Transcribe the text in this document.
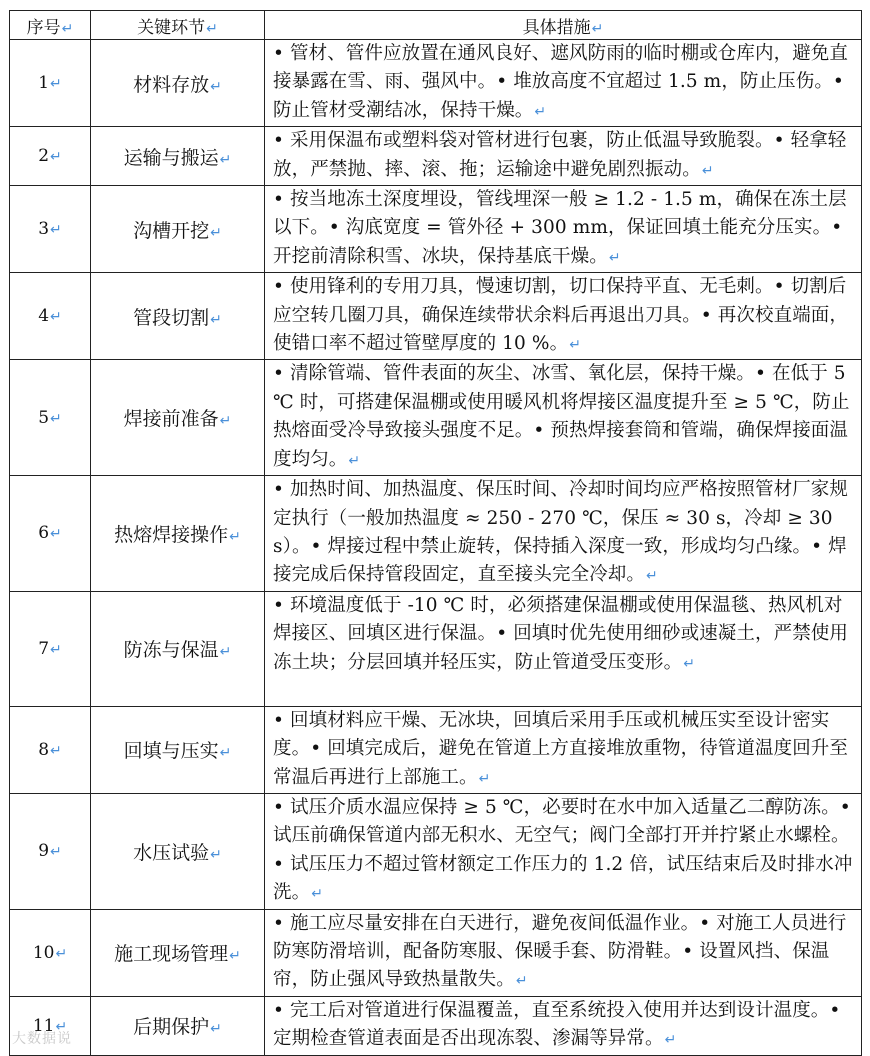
序号↵	关键环节↵	具体措施↵
1↵	材料存放↵	• 管材、管件应放置在通风良好、遮风防雨的临时棚或仓库内，避免直接暴露在雪、雨、强风中。• 堆放高度不宜超过 1.5 m，防止压伤。• 防止管材受潮结冰，保持干燥。↵
2↵	运输与搬运↵	• 采用保温布或塑料袋对管材进行包裹，防止低温导致脆裂。• 轻拿轻放，严禁抛、摔、滚、拖；运输途中避免剧烈振动。↵
3↵	沟槽开挖↵	• 按当地冻土深度埋设，管线埋深一般 ≥ 1.2 - 1.5 m，确保在冻土层以下。• 沟底宽度 = 管外径 + 300 mm，保证回填土能充分压实。• 开挖前清除积雪、冰块，保持基底干燥。↵
4↵	管段切割↵	• 使用锋利的专用刀具，慢速切割，切口保持平直、无毛刺。• 切割后应空转几圈刀具，确保连续带状余料后再退出刀具。• 再次校直端面，使错口率不超过管壁厚度的 10 %。↵
5↵	焊接前准备↵	• 清除管端、管件表面的灰尘、冰雪、氧化层，保持干燥。• 在低于 5 ℃ 时，可搭建保温棚或使用暖风机将焊接区温度提升至 ≥ 5 ℃，防止热熔面受冷导致接头强度不足。• 预热焊接套筒和管端，确保焊接面温度均匀。↵
6↵	热熔焊接操作↵	• 加热时间、加热温度、保压时间、冷却时间均应严格按照管材厂家规定执行（一般加热温度 ≈ 250 - 270 ℃，保压 ≈ 30 s，冷却 ≥ 30 s）。• 焊接过程中禁止旋转，保持插入深度一致，形成均匀凸缘。• 焊接完成后保持管段固定，直至接头完全冷却。↵
7↵	防冻与保温↵	• 环境温度低于 -10 ℃ 时，必须搭建保温棚或使用保温毯、热风机对焊接区、回填区进行保温。• 回填时优先使用细砂或速凝土，严禁使用冻土块；分层回填并轻压实，防止管道受压变形。↵
8↵	回填与压实↵	• 回填材料应干燥、无冰块，回填后采用手压或机械压实至设计密实度。• 回填完成后，避免在管道上方直接堆放重物，待管道温度回升至常温后再进行上部施工。↵
9↵	水压试验↵	• 试压介质水温应保持 ≥ 5 ℃，必要时在水中加入适量乙二醇防冻。• 试压前确保管道内部无积水、无空气；阀门全部打开并拧紧止水螺栓。• 试压压力不超过管材额定工作压力的 1.2 倍，试压结束后及时排水冲洗。↵
10↵	施工现场管理↵	• 施工应尽量安排在白天进行，避免夜间低温作业。• 对施工人员进行防寒防滑培训，配备防寒服、保暖手套、防滑鞋。• 设置风挡、保温帘，防止强风导致热量散失。↵
11↵	后期保护↵	• 完工后对管道进行保温覆盖，直至系统投入使用并达到设计温度。• 定期检查管道表面是否出现冻裂、渗漏等异常。↵
大数据说
